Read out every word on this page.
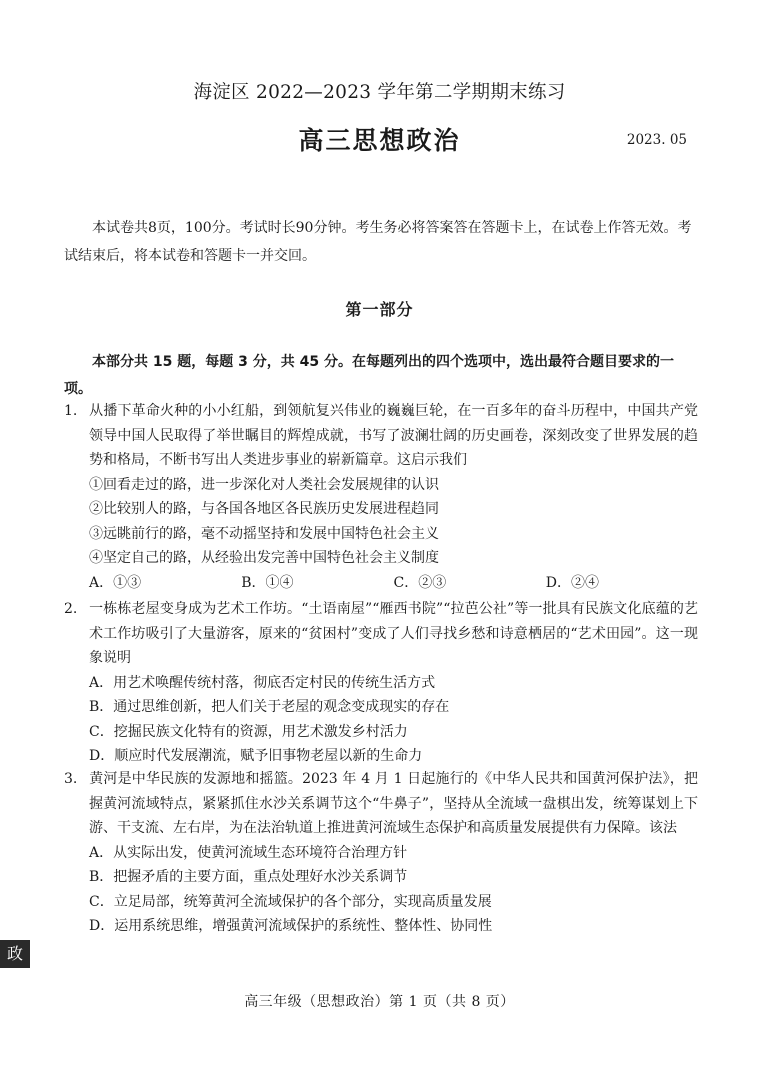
海淀区 2022—2023 学年第二学期期末练习
高三思想政治	2023. 05
本试卷共8页，100分。考试时长90分钟。考生务必将答案答在答题卡上，在试卷上作答无效。考试结束后，将本试卷和答题卡一并交回。
第一部分
本部分共 15 题，每题 3 分，共 45 分。在每题列出的四个选项中，选出最符合题目要求的一项。
1. 从播下革命火种的小小红船，到领航复兴伟业的巍巍巨轮，在一百多年的奋斗历程中，中国共产党领导中国人民取得了举世瞩目的辉煌成就，书写了波澜壮阔的历史画卷，深刻改变了世界发展的趋势和格局，不断书写出人类进步事业的崭新篇章。这启示我们
①回看走过的路，进一步深化对人类社会发展规律的认识
②比较别人的路，与各国各地区各民族历史发展进程趋同
③远眺前行的路，毫不动摇坚持和发展中国特色社会主义
④坚定自己的路，从经验出发完善中国特色社会主义制度
A．①③	B．①④	C．②③	D．②④
2. 一栋栋老屋变身成为艺术工作坊。“土语南屋”“雁西书院”“拉芭公社”等一批具有民族文化底蕴的艺术工作坊吸引了大量游客，原来的“贫困村”变成了人们寻找乡愁和诗意栖居的“艺术田园”。这一现象说明
A．用艺术唤醒传统村落，彻底否定村民的传统生活方式
B．通过思维创新，把人们关于老屋的观念变成现实的存在
C．挖掘民族文化特有的资源，用艺术激发乡村活力
D．顺应时代发展潮流，赋予旧事物老屋以新的生命力
3. 黄河是中华民族的发源地和摇篮。2023 年 4 月 1 日起施行的《中华人民共和国黄河保护法》，把握黄河流域特点，紧紧抓住水沙关系调节这个“牛鼻子”，坚持从全流域一盘棋出发，统筹谋划上下游、干支流、左右岸，为在法治轨道上推进黄河流域生态保护和高质量发展提供有力保障。该法
A．从实际出发，使黄河流域生态环境符合治理方针
B．把握矛盾的主要方面，重点处理好水沙关系调节
C．立足局部，统筹黄河全流域保护的各个部分，实现高质量发展
D．运用系统思维，增强黄河流域保护的系统性、整体性、协同性
政
高三年级（思想政治）第 1 页（共 8 页）
